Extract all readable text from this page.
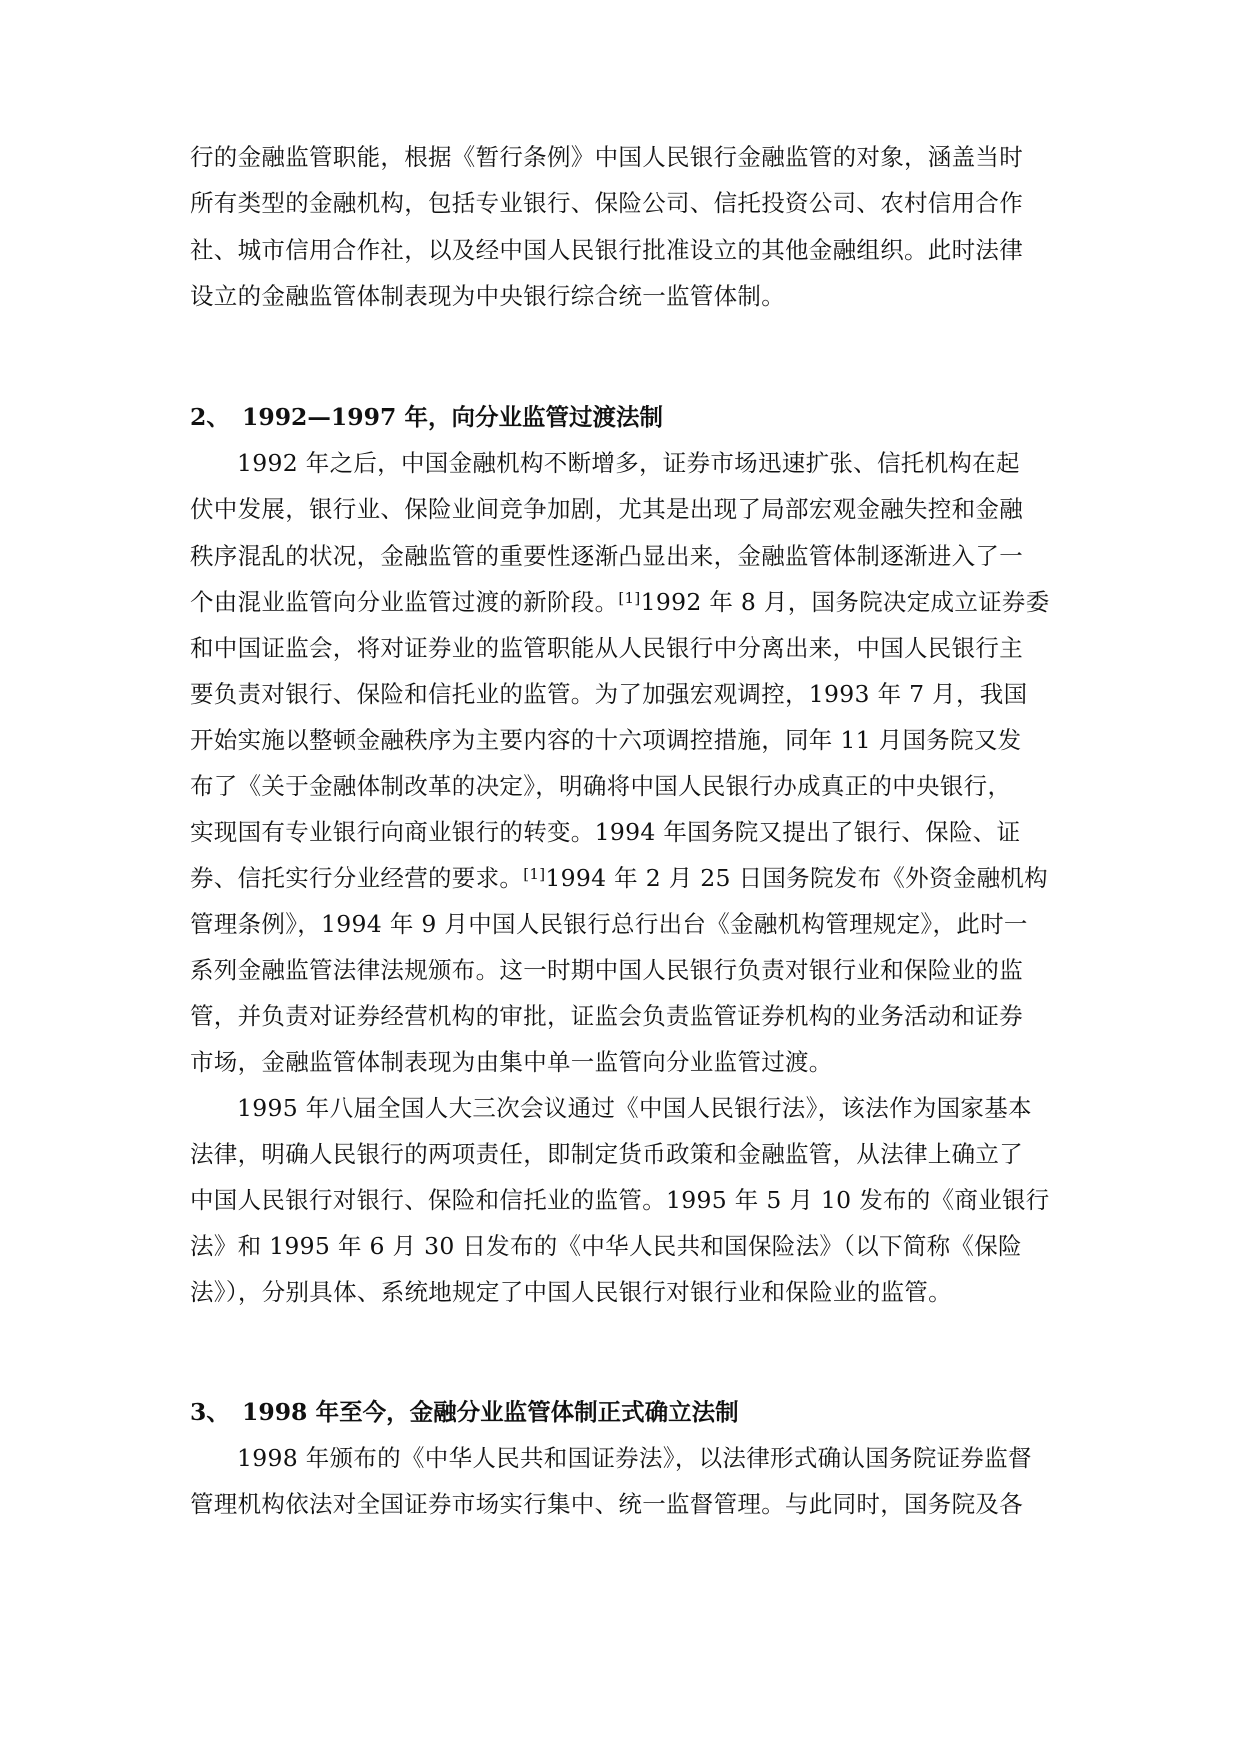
行的金融监管职能，根据《暂行条例》中国人民银行金融监管的对象，涵盖当时
所有类型的金融机构，包括专业银行、保险公司、信托投资公司、农村信用合作
社、城市信用合作社，以及经中国人民银行批准设立的其他金融组织。此时法律
设立的金融监管体制表现为中央银行综合统一监管体制。
2、 1992—1997 年，向分业监管过渡法制
1992 年之后，中国金融机构不断增多，证券市场迅速扩张、信托机构在起
伏中发展，银行业、保险业间竞争加剧，尤其是出现了局部宏观金融失控和金融
秩序混乱的状况，金融监管的重要性逐渐凸显出来，金融监管体制逐渐进入了一
个由混业监管向分业监管过渡的新阶段。[1]1992 年 8 月，国务院决定成立证券委
和中国证监会，将对证券业的监管职能从人民银行中分离出来，中国人民银行主
要负责对银行、保险和信托业的监管。为了加强宏观调控，1993 年 7 月，我国
开始实施以整顿金融秩序为主要内容的十六项调控措施，同年 11 月国务院又发
布了《关于金融体制改革的决定》，明确将中国人民银行办成真正的中央银行，
实现国有专业银行向商业银行的转变。1994 年国务院又提出了银行、保险、证
券、信托实行分业经营的要求。[1]1994 年 2 月 25 日国务院发布《外资金融机构
管理条例》，1994 年 9 月中国人民银行总行出台《金融机构管理规定》，此时一
系列金融监管法律法规颁布。这一时期中国人民银行负责对银行业和保险业的监
管，并负责对证券经营机构的审批，证监会负责监管证券机构的业务活动和证券
市场，金融监管体制表现为由集中单一监管向分业监管过渡。
1995 年八届全国人大三次会议通过《中国人民银行法》，该法作为国家基本
法律，明确人民银行的两项责任，即制定货币政策和金融监管，从法律上确立了
中国人民银行对银行、保险和信托业的监管。1995 年 5 月 10 发布的《商业银行
法》和 1995 年 6 月 30 日发布的《中华人民共和国保险法》（以下简称《保险
法》），分别具体、系统地规定了中国人民银行对银行业和保险业的监管。
3、 1998 年至今，金融分业监管体制正式确立法制
1998 年颁布的《中华人民共和国证券法》，以法律形式确认国务院证券监督
管理机构依法对全国证券市场实行集中、统一监督管理。与此同时，国务院及各
